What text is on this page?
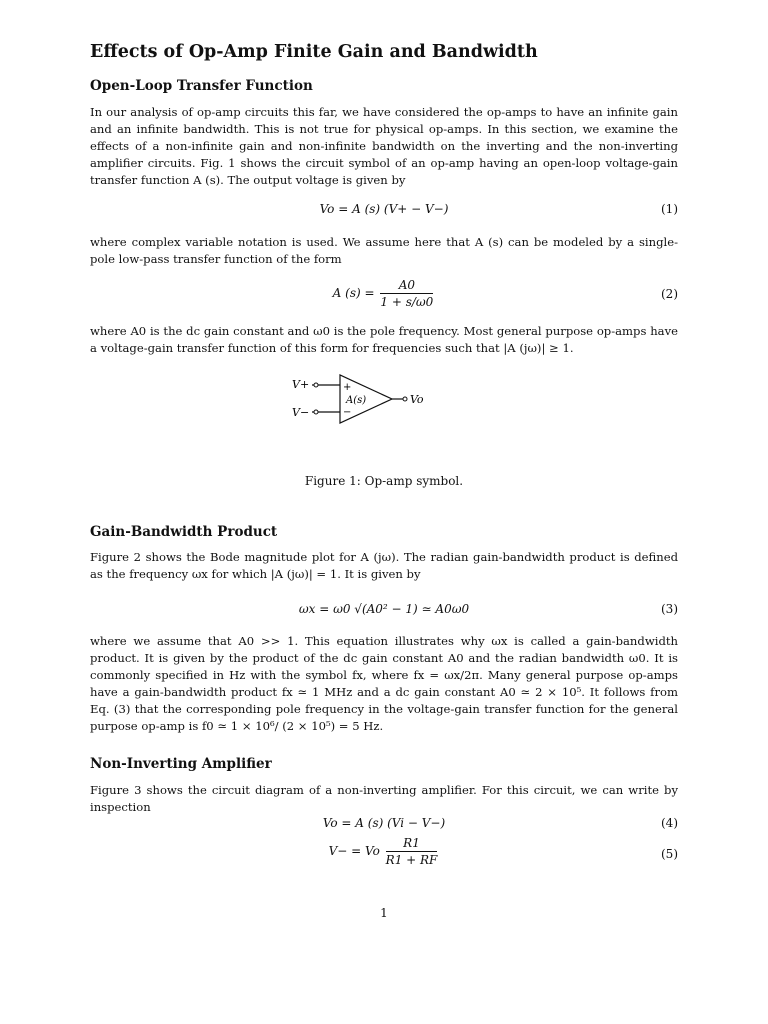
Effects of Op-Amp Finite Gain and Bandwidth
Open-Loop Transfer Function

In our analysis of op-amp circuits this far, we have considered the op-amps to have an infinite gain and an infinite bandwidth. This is not true for physical op-amps. In this section, we examine the effects of a non-infinite gain and non-infinite bandwidth on the inverting and the non-inverting amplifier circuits. Fig. 1 shows the circuit symbol of an op-amp having an open-loop voltage-gain transfer function A (s). The output voltage is given by

Vo = A (s) (V+ − V−)	(1)

where complex variable notation is used. We assume here that A (s) can be modeled by a single-pole low-pass transfer function of the form

A $(s) = \frac{A0}{1 + s/\omega 0}$	(2)

where A0 is the dc gain constant and ω0 is the pole frequency. Most general purpose op-amps have a voltage-gain transfer function of this form for frequencies such that |A (jω)| ≥ 1.

V+
V−
+
−
A(s)	Vo
Figure 1: Op-amp symbol.
Gain-Bandwidth Product

Figure 2 shows the Bode magnitude plot for A (jω). The radian gain-bandwidth product is defined as the frequency ωx for which |A (jω)| = 1. It is given by

ωx = ω0 √(A0² − 1) ≃ A0ω0	(3)

where we assume that A0 >> 1. This equation illustrates why ωx is called a gain-bandwidth product. It is given by the product of the dc gain constant A0 and the radian bandwidth ω0. It is commonly specified in Hz with the symbol fx, where fx = ωx/2π. Many general purpose op-amps have a gain-bandwidth product fx ≃ 1 MHz and a dc gain constant A0 ≃ 2 × 10⁵. It follows from Eq. (3) that the corresponding pole frequency in the voltage-gain transfer function for the general purpose op-amp is f0 ≃ 1 × 10⁶/ (2 × 10⁵) = 5 Hz.

Non-Inverting Amplifier

Figure 3 shows the circuit diagram of a non-inverting amplifier. For this circuit, we can write by inspection

Vo = A (s) (Vi − V−)	(4)
V− = Vo $\frac{R1}{R1 + RF}$	(5)
1
